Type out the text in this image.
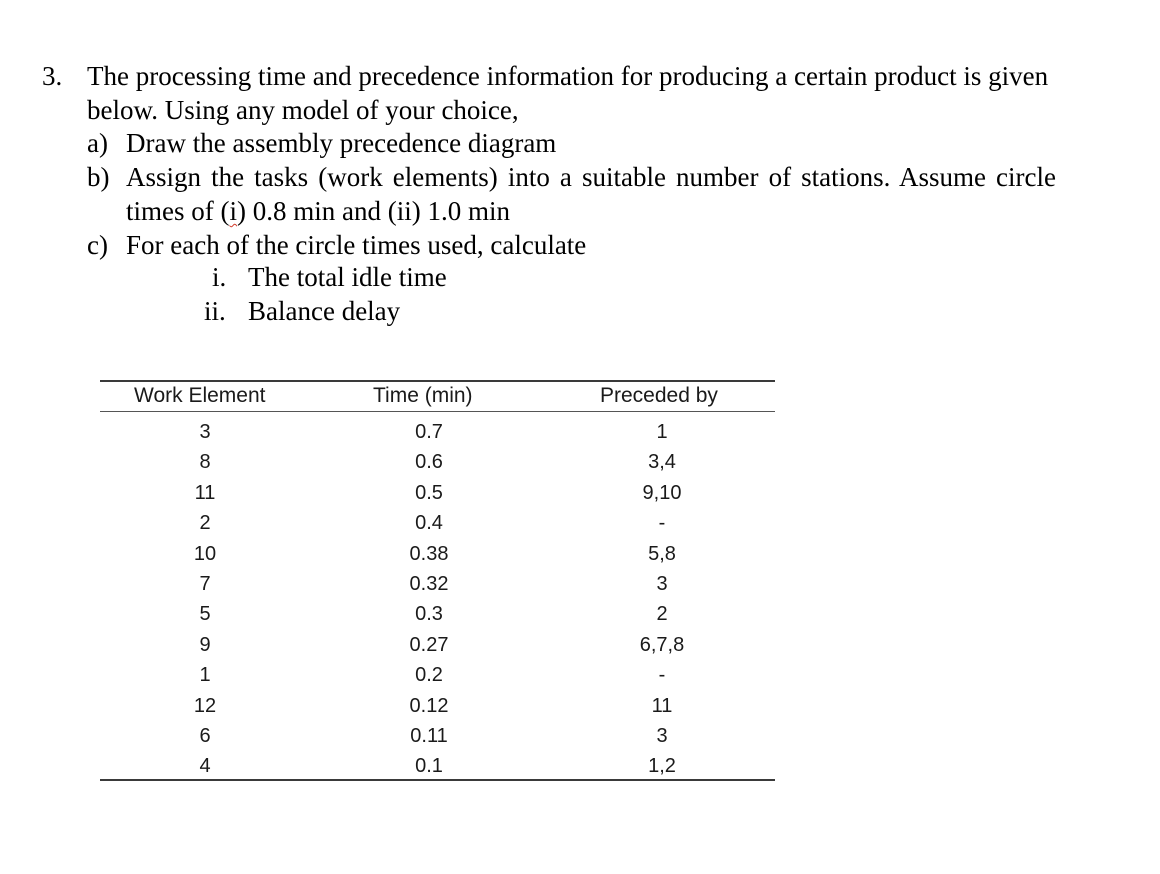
3. The processing time and precedence information for producing a certain product is given
below. Using any model of your choice,
a) Draw the assembly precedence diagram
b) Assign the tasks (work elements) into a suitable number of stations. Assume circle
times of (i) 0.8 min and (ii) 1.0 min
c) For each of the circle times used, calculate
i. The total idle time
ii. Balance delay
Work Element	Time (min)	Preceded by
3	0.7	1
8	0.6	3,4
11	0.5	9,10
2	0.4	-
10	0.38	5,8
7	0.32	3
5	0.3	2
9	0.27	6,7,8
1	0.2	-
12	0.12	11
6	0.11	3
4	0.1	1,2
